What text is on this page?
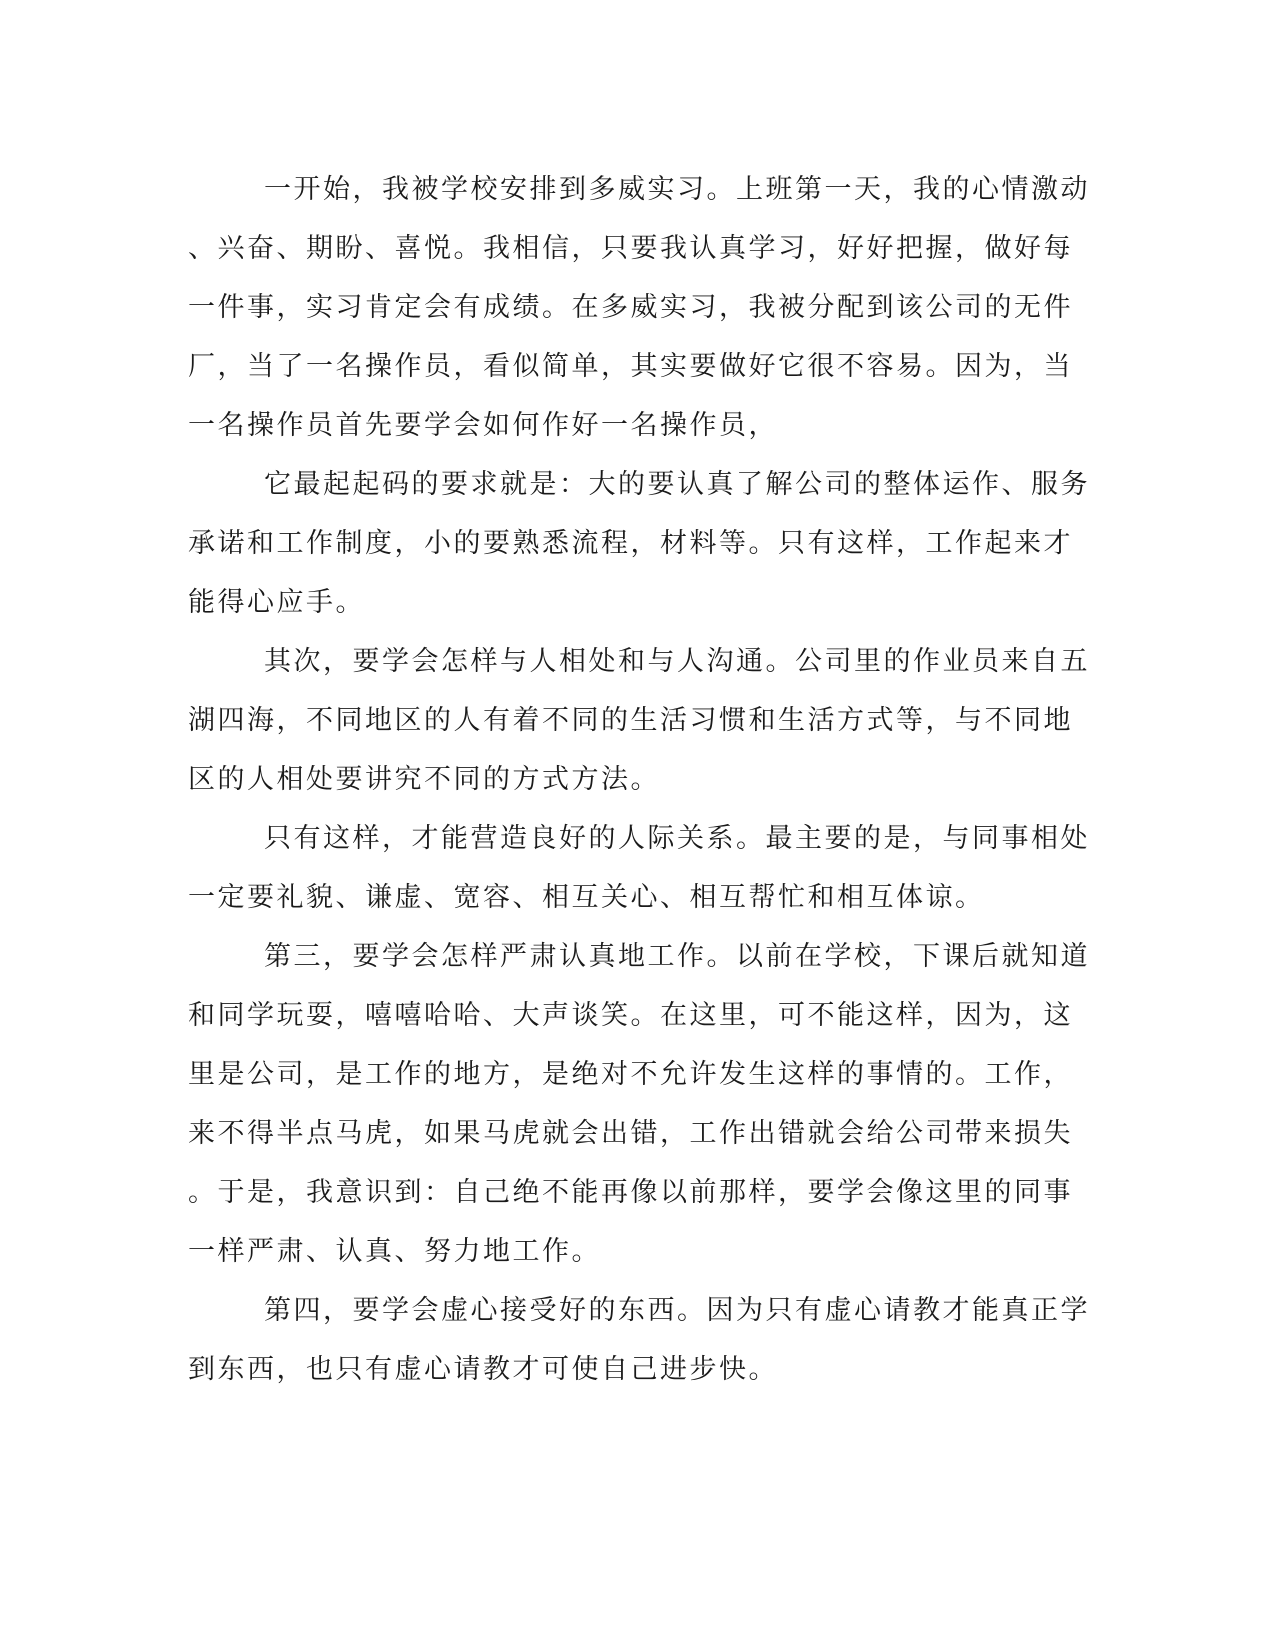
一开始，我被学校安排到多威实习。上班第一天，我的心情激动
、兴奋、期盼、喜悦。我相信，只要我认真学习，好好把握，做好每
一件事，实习肯定会有成绩。在多威实习，我被分配到该公司的无件
厂，当了一名操作员，看似简单，其实要做好它很不容易。因为，当
一名操作员首先要学会如何作好一名操作员，
它最起起码的要求就是：大的要认真了解公司的整体运作、服务
承诺和工作制度，小的要熟悉流程，材料等。只有这样，工作起来才
能得心应手。
其次，要学会怎样与人相处和与人沟通。公司里的作业员来自五
湖四海，不同地区的人有着不同的生活习惯和生活方式等，与不同地
区的人相处要讲究不同的方式方法。
只有这样，才能营造良好的人际关系。最主要的是，与同事相处
一定要礼貌、谦虚、宽容、相互关心、相互帮忙和相互体谅。
第三，要学会怎样严肃认真地工作。以前在学校，下课后就知道
和同学玩耍，嘻嘻哈哈、大声谈笑。在这里，可不能这样，因为，这
里是公司，是工作的地方，是绝对不允许发生这样的事情的。工作，
来不得半点马虎，如果马虎就会出错，工作出错就会给公司带来损失
。于是，我意识到：自己绝不能再像以前那样，要学会像这里的同事
一样严肃、认真、努力地工作。
第四，要学会虚心接受好的东西。因为只有虚心请教才能真正学
到东西，也只有虚心请教才可使自己进步快。
